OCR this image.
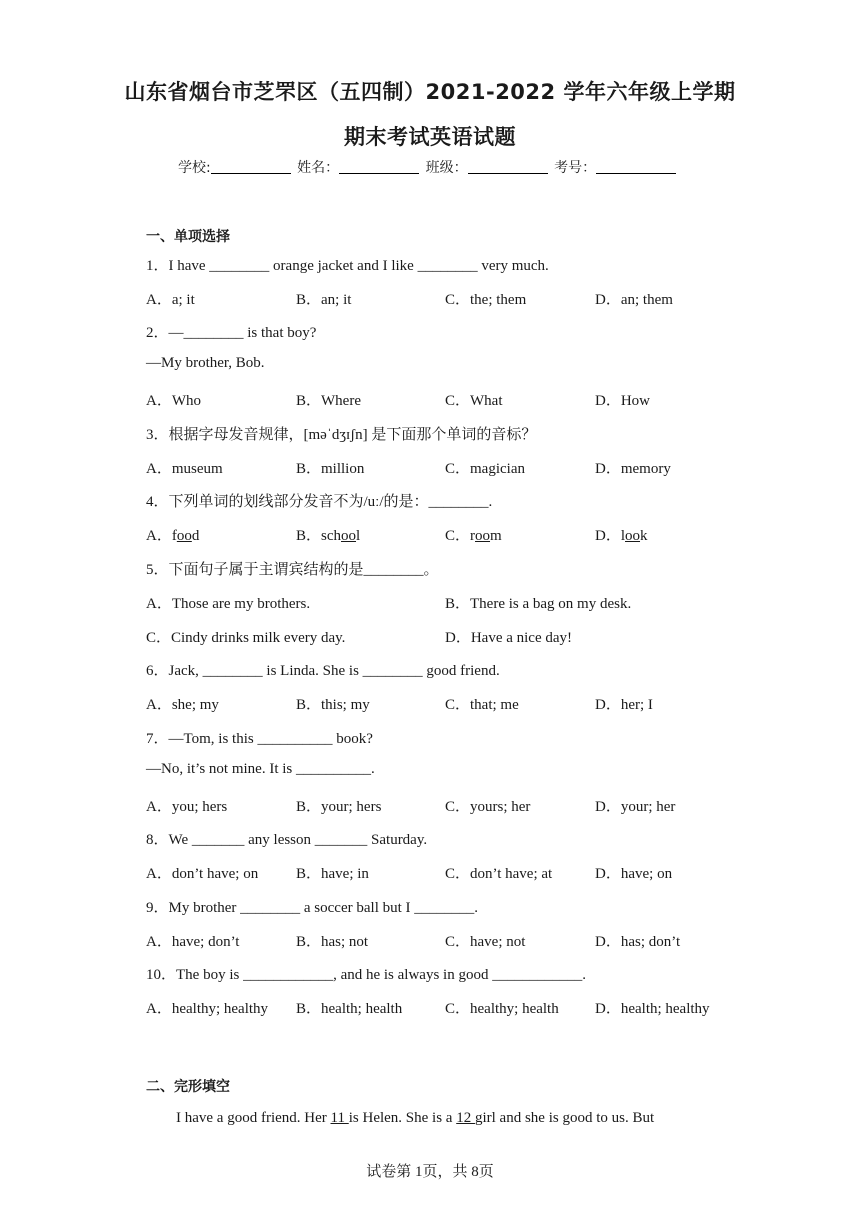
山东省烟台市芝罘区（五四制）2021-2022 学年六年级上学期
期末考试英语试题
学校:	姓名：	班级：	考号：
一、单项选择
1．I have ________ orange jacket and I like ________ very much.
A．a; it	B．an; it	C．the; them	D．an; them
2．—________ is that boy?
—My brother, Bob.
A．Who	B．Where	C．What	D．How
3．根据字母发音规律，[məˈdʒɪʃn] 是下面那个单词的音标？
A．museum	B．million	C．magician	D．memory
4．下列单词的划线部分发音不为/uː/的是：________.
A．food	B．school	C．room	D．look
5．下面句子属于主谓宾结构的是________。
A．Those are my brothers.	B．There is a bag on my desk.
C．Cindy drinks milk every day.	D．Have a nice day!
6．Jack, ________ is Linda. She is ________ good friend.
A．she; my	B．this; my	C．that; me	D．her; I
7．—Tom, is this __________ book?
—No, it’s not mine. It is __________.
A．you; hers	B．your; hers	C．yours; her	D．your; her
8．We _______ any lesson _______ Saturday.
A．don’t have; on	B．have; in	C．don’t have; at	D．have; on
9．My brother ________ a soccer ball but I ________.
A．have; don’t	B．has; not	C．have; not	D．has; don’t
10．The boy is ____________, and he is always in good ____________.
A．healthy; healthy B．health; health	C．healthy; health D．health; healthy
二、完形填空
I have a good friend. Her 11 is Helen. She is a 12 girl and she is good to us. But
试卷第 1页，共 8页
